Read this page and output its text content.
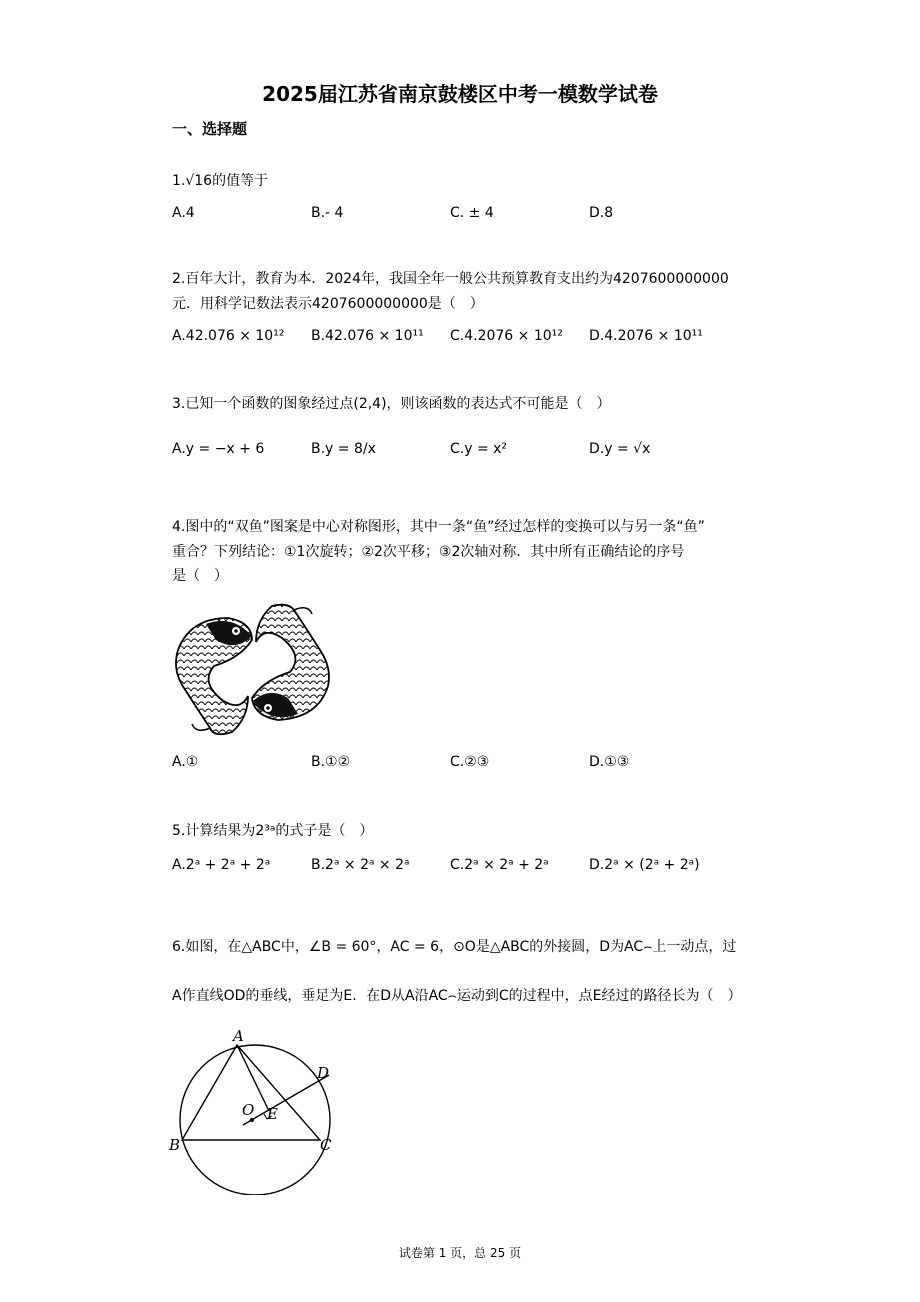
2025届江苏省南京鼓楼区中考一模数学试卷
一、选择题
1.√16的值等于
A.4	B.- 4	C. ± 4	D.8
2.百年大计，教育为本．2024年，我国全年一般公共预算教育支出约为4207600000000
元．用科学记数法表示4207600000000是（　）
A.42.076 × 10¹² B.42.076 × 10¹¹ C.4.2076 × 10¹² D.4.2076 × 10¹¹
3.已知一个函数的图象经过点(2,4)，则该函数的表达式不可能是（　）
A.y = −x + 6	B.y = 8/x	C.y = x²	D.y = √x
4.图中的“双鱼”图案是中心对称图形，其中一条“鱼”经过怎样的变换可以与另一条“鱼”
重合？下列结论：①1次旋转；②2次平移；③2次轴对称．其中所有正确结论的序号
是（　）
A.①	B.①②	C.②③	D.①③
5.计算结果为2³ᵃ的式子是（　）
A.2ᵃ + 2ᵃ + 2ᵃ	B.2ᵃ × 2ᵃ × 2ᵃ	C.2ᵃ × 2ᵃ + 2ᵃ	D.2ᵃ × (2ᵃ + 2ᵃ)
6.如图，在△ABC中，∠B = 60°，AC = 6，⊙O是△ABC的外接圆，D为AC⌢上一动点，过
A作直线OD的垂线，垂足为E．在D从A沿AC⌢运动到C的过程中，点E经过的路径长为（　）
A
B	C
D
O E
试卷第 1 页，总 25 页
